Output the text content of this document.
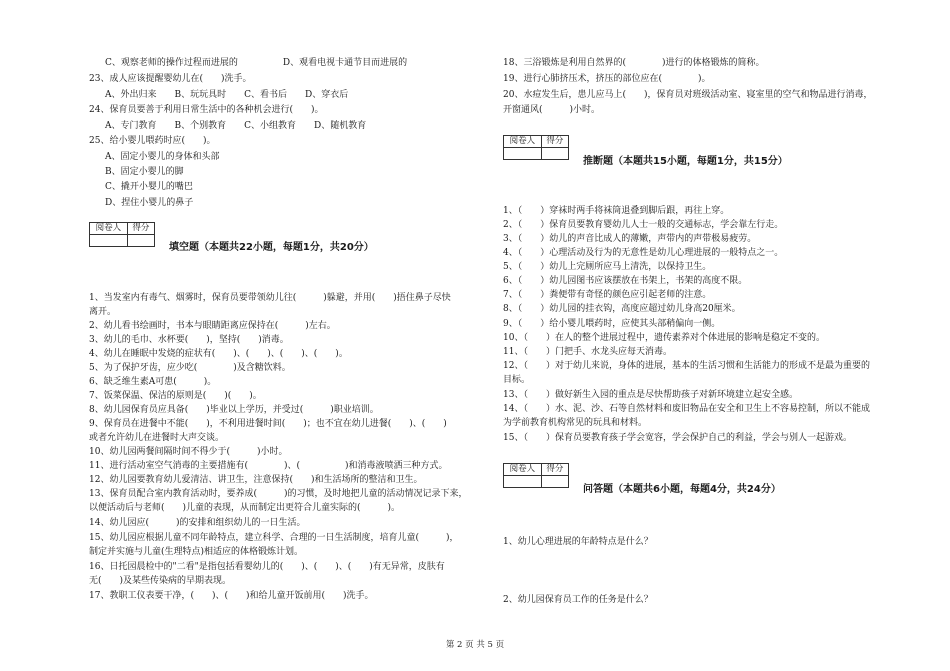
C、观察老师的操作过程而进展的　　　　　D、观看电视卡通节目而进展的
23、成人应该提醒婴幼儿在(　　)洗手。
A、外出归来　　B、玩玩具时　　C、看书后　　D、穿衣后
24、保育员要善于利用日常生活中的各种机会进行(　　)。
A、专门教育　　B、个别教育　　C、小组教育　　D、随机教育
25、给小婴儿喂药时应(　　)。
A、固定小婴儿的身体和头部
B、固定小婴儿的脚
C、撬开小婴儿的嘴巴
D、捏住小婴儿的鼻子
阅卷人	得分

填空题（本题共22小题，每题1分，共20分）
1、当发室内有毒气、烟雾时，保育员要带领幼儿往(　　　)躲避，并用(　　)捂住鼻子尽快
离开。
2、幼儿看书绘画时，书本与眼睛距离应保持在(　　　)左右。
3、幼儿的毛巾、水杯要(　　)，坚持(　　)消毒。
4、幼儿在睡眠中发烧的症状有(　　)、(　　)、(　　)、(　　)。
5、为了保护牙齿，应少吃(　　　　)及含糖饮料。
6、缺乏维生素A可患(　　　)。
7、饭菜保温、保洁的原则是(　　)(　　)。
8、幼儿园保育员应具备(　　)毕业以上学历，并受过(　　　)职业培训。
9、保育员在进餐中不能(　　)，不利用进餐时间(　　)；也不宜在幼儿进餐(　　)、(　　)
或者允许幼儿在进餐时大声交谈。
10、幼儿园两餐间隔时间不得少于(　　　)小时。
11、进行活动室空气消毒的主要措施有(　　　　)、(　　　　　)和消毒液喷洒三种方式。
12、幼儿园要教育幼儿爱清洁、讲卫生，注意保持(　　)和生活场所的整洁和卫生。
13、保育员配合室内教育活动时，要养成(　　　)的习惯，及时地把儿童的活动情况记录下来，
以便活动后与老师(　　)儿童的表现，从而制定出更符合儿童实际的(　　　)。
14、幼儿园应(　　　)的安排和组织幼儿的一日生活。
15、幼儿园应根据儿童不同年龄特点，建立科学、合理的一日生活制度，培育儿童(　　　)，
制定并实施与儿童(生理特点)相适应的体格锻炼计划。
16、日托园晨检中的"二看"是指包括看婴幼儿的(　　)、(　　)、(　　)有无异常，皮肤有
无(　　)及某些传染病的早期表现。
17、教职工仪表要干净，(　　)、(　　)和给儿童开饭前用(　　)洗手。
18、三浴锻炼是利用自然界的(　　　　)进行的体格锻炼的简称。
19、进行心肺挤压术，挤压的部位应在(　　　　)。
20、水痘发生后，患儿应马上(　　)，保育员对班级活动室、寝室里的空气和物品进行消毒，
开窗通风(　　　)小时。
阅卷人	得分

推断题（本题共15小题，每题1分，共15分）
1、（　　）穿袜时两手将袜筒退叠到脚后跟，再往上穿。
2、（　　）保育员要教育婴幼儿人士一般的交通标志，学会靠左行走。
3、（　　）幼儿的声音比成人的薄嫩，声带内的声带极易疲劳。
4、（　　）心理活动及行为的无意性是幼儿心理进展的一般特点之一。
5、（　　）幼儿上完厕所应马上清洗，以保持卫生。
6、（　　）幼儿园图书应该摆放在书架上，书架的高度不限。
7、（　　）粪便带有奇怪的颜色应引起老师的注意。
8、（　　）幼儿园的挂衣钩，高度应超过幼儿身高20厘米。
9、（　　）给小婴儿喂药时，应使其头部稍偏向一侧。
10、（　　）在人的整个进展过程中，遗传素养对个体进展的影响是稳定不变的。
11、（　　）门把手、水龙头应每天消毒。
12、（　　）对于幼儿来说，身体的进展，基本的生活习惯和生活能力的形成不是最为重要的
目标。
13、（　　）做好新生入园的重点是尽快帮助孩子对新环境建立起安全感。
14、（　　）水、泥、沙、石等自然材料和废旧物品在安全和卫生上不容易控制，所以不能成
为学前教育机构常见的玩具和材料。
15、（　　）保育员要教育孩子学会宽容，学会保护自己的利益，学会与别人一起游戏。
阅卷人	得分

问答题（本题共6小题，每题4分，共24分）
1、幼儿心理进展的年龄特点是什么？
2、幼儿园保育员工作的任务是什么？
第 2 页 共 5 页
